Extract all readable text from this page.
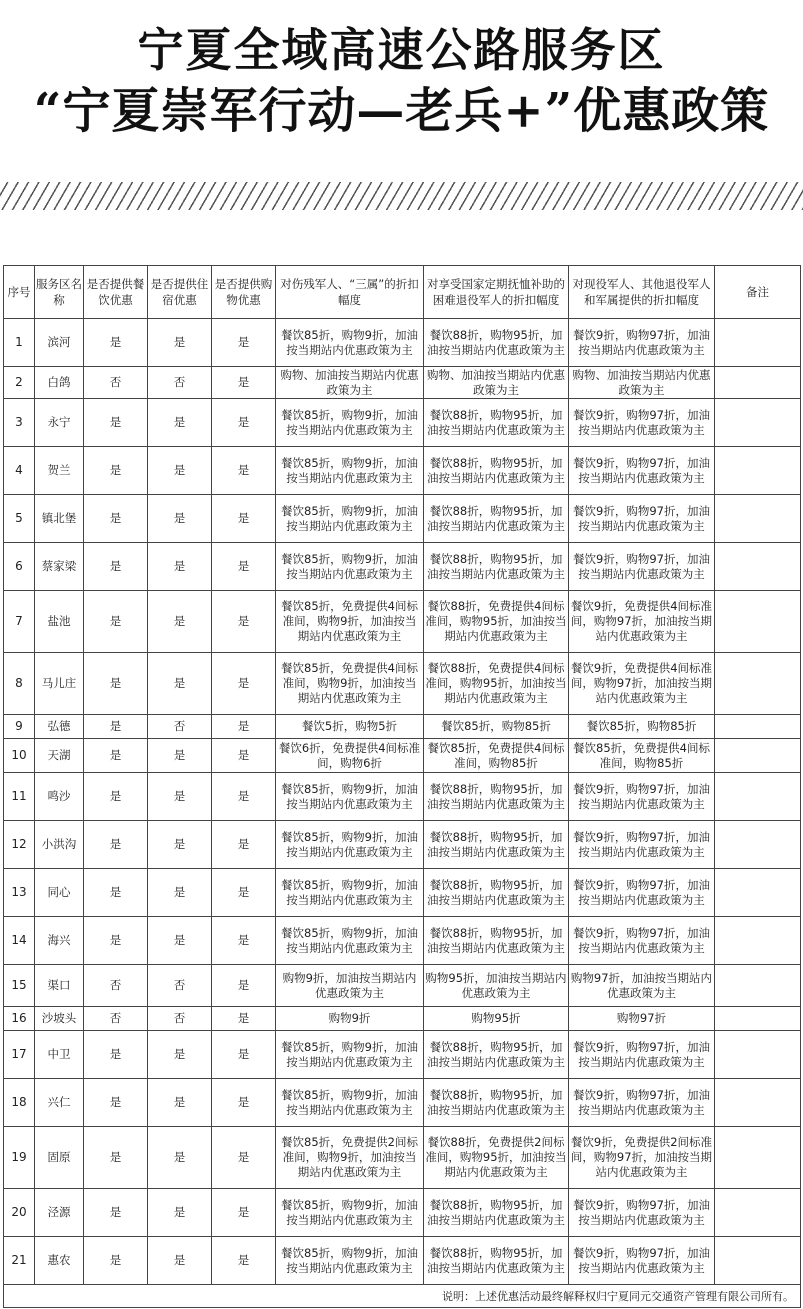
宁夏全域高速公路服务区
“宁夏崇军行动—老兵+”优惠政策
序号	服务区名称	是否提供餐饮优惠	是否提供住宿优惠	是否提供购物优惠	对伤残军人、“三属”的折扣幅度	对享受国家定期抚恤补助的困难退役军人的折扣幅度	对现役军人、其他退役军人和军属提供的折扣幅度	备注
1	滨河	是	是	是	餐饮85折，购物9折，加油按当期站内优惠政策为主	餐饮88折，购物95折，加油按当期站内优惠政策为主	餐饮9折，购物97折，加油按当期站内优惠政策为主	
2	白鸽	否	否	是	购物、加油按当期站内优惠政策为主	购物、加油按当期站内优惠政策为主	购物、加油按当期站内优惠政策为主	
3	永宁	是	是	是	餐饮85折，购物9折，加油按当期站内优惠政策为主	餐饮88折，购物95折，加油按当期站内优惠政策为主	餐饮9折，购物97折，加油按当期站内优惠政策为主	
4	贺兰	是	是	是	餐饮85折，购物9折，加油按当期站内优惠政策为主	餐饮88折，购物95折，加油按当期站内优惠政策为主	餐饮9折，购物97折，加油按当期站内优惠政策为主	
5	镇北堡	是	是	是	餐饮85折，购物9折，加油按当期站内优惠政策为主	餐饮88折，购物95折，加油按当期站内优惠政策为主	餐饮9折，购物97折，加油按当期站内优惠政策为主	
6	蔡家梁	是	是	是	餐饮85折，购物9折，加油按当期站内优惠政策为主	餐饮88折，购物95折，加油按当期站内优惠政策为主	餐饮9折，购物97折，加油按当期站内优惠政策为主	
7	盐池	是	是	是	餐饮85折，免费提供4间标准间，购物9折，加油按当期站内优惠政策为主	餐饮88折，免费提供4间标准间，购物95折，加油按当期站内优惠政策为主	餐饮9折，免费提供4间标准间，购物97折，加油按当期站内优惠政策为主	
8	马儿庄	是	是	是	餐饮85折，免费提供4间标准间，购物9折，加油按当期站内优惠政策为主	餐饮88折，免费提供4间标准间，购物95折，加油按当期站内优惠政策为主	餐饮9折，免费提供4间标准间，购物97折，加油按当期站内优惠政策为主	
9	弘德	是	否	是	餐饮5折，购物5折	餐饮85折，购物85折	餐饮85折，购物85折	
10	天湖	是	是	是	餐饮6折，免费提供4间标准间，购物6折	餐饮85折，免费提供4间标准间，购物85折	餐饮85折，免费提供4间标准间，购物85折	
11	鸣沙	是	是	是	餐饮85折，购物9折，加油按当期站内优惠政策为主	餐饮88折，购物95折，加油按当期站内优惠政策为主	餐饮9折，购物97折，加油按当期站内优惠政策为主	
12	小洪沟	是	是	是	餐饮85折，购物9折，加油按当期站内优惠政策为主	餐饮88折，购物95折，加油按当期站内优惠政策为主	餐饮9折，购物97折，加油按当期站内优惠政策为主	
13	同心	是	是	是	餐饮85折，购物9折，加油按当期站内优惠政策为主	餐饮88折，购物95折，加油按当期站内优惠政策为主	餐饮9折，购物97折，加油按当期站内优惠政策为主	
14	海兴	是	是	是	餐饮85折，购物9折，加油按当期站内优惠政策为主	餐饮88折，购物95折，加油按当期站内优惠政策为主	餐饮9折，购物97折，加油按当期站内优惠政策为主	
15	渠口	否	否	是	购物9折，加油按当期站内优惠政策为主	购物95折，加油按当期站内优惠政策为主	购物97折，加油按当期站内优惠政策为主	
16	沙坡头	否	否	是	购物9折	购物95折	购物97折	
17	中卫	是	是	是	餐饮85折，购物9折，加油按当期站内优惠政策为主	餐饮88折，购物95折，加油按当期站内优惠政策为主	餐饮9折，购物97折，加油按当期站内优惠政策为主	
18	兴仁	是	是	是	餐饮85折，购物9折，加油按当期站内优惠政策为主	餐饮88折，购物95折，加油按当期站内优惠政策为主	餐饮9折，购物97折，加油按当期站内优惠政策为主	
19	固原	是	是	是	餐饮85折，免费提供2间标准间，购物9折，加油按当期站内优惠政策为主	餐饮88折，免费提供2间标准间，购物95折，加油按当期站内优惠政策为主	餐饮9折，免费提供2间标准间，购物97折，加油按当期站内优惠政策为主	
20	泾源	是	是	是	餐饮85折，购物9折，加油按当期站内优惠政策为主	餐饮88折，购物95折，加油按当期站内优惠政策为主	餐饮9折，购物97折，加油按当期站内优惠政策为主	
21	惠农	是	是	是	餐饮85折，购物9折，加油按当期站内优惠政策为主	餐饮88折，购物95折，加油按当期站内优惠政策为主	餐饮9折，购物97折，加油按当期站内优惠政策为主	
说明：上述优惠活动最终解释权归宁夏同元交通资产管理有限公司所有。								
